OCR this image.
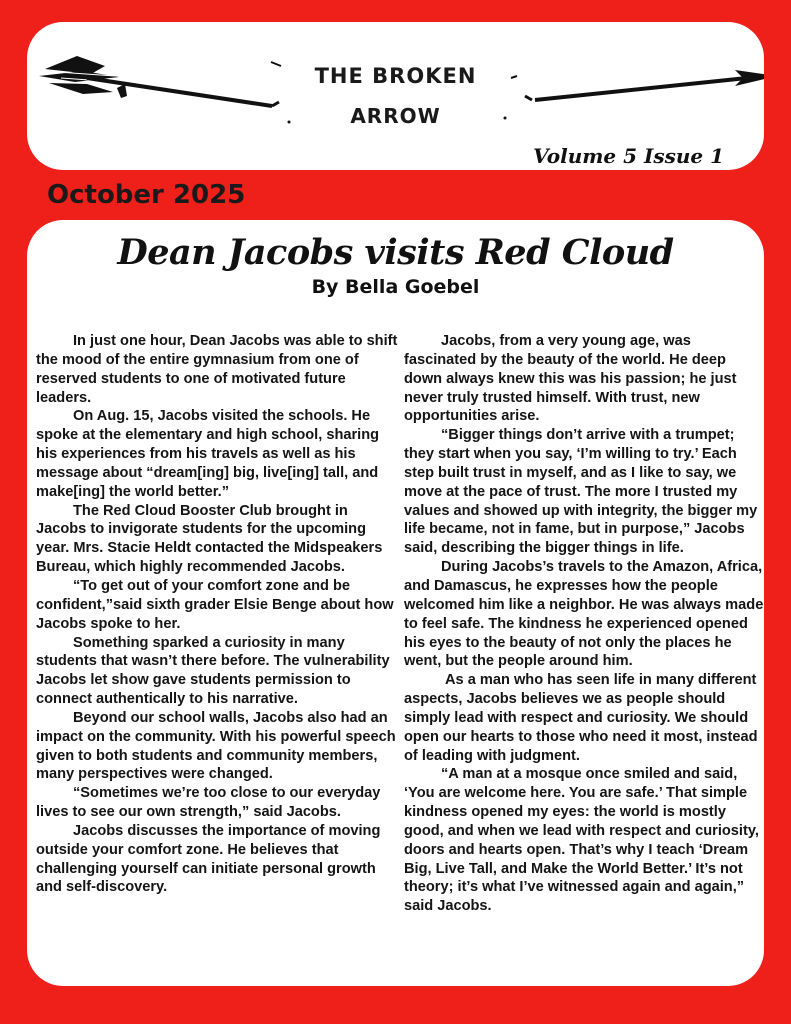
THE BROKEN
ARROW
Volume 5 Issue 1
October 2025
Dean Jacobs visits Red Cloud
By Bella Goebel

In just one hour, Dean Jacobs was able to shift the mood of the entire gymnasium from one of reserved students to one of motivated future leaders.

On Aug. 15, Jacobs visited the schools. He spoke at the elementary and high school, sharing his experiences from his travels as well as his message about “dream[ing] big, live[ing] tall, and make[ing] the world better.”

The Red Cloud Booster Club brought in Jacobs to invigorate students for the upcoming year. Mrs. Stacie Heldt contacted the Midspeakers Bureau, which highly recommended Jacobs.

“To get out of your comfort zone and be confident,”said sixth grader Elsie Benge about how Jacobs spoke to her.

Something sparked a curiosity in many students that wasn’t there before. The vulnerability Jacobs let show gave students permission to connect authentically to his narrative.

Beyond our school walls, Jacobs also had an impact on the community. With his powerful speech given to both students and community members, many perspectives were changed.

“Sometimes we’re too close to our everyday lives to see our own strength,” said Jacobs.

Jacobs discusses the importance of moving outside your comfort zone. He believes that challenging yourself can initiate personal growth and self-discovery.

Jacobs, from a very young age, was fascinated by the beauty of the world. He deep down always knew this was his passion; he just never truly trusted himself. With trust, new opportunities arise.

“Bigger things don’t arrive with a trumpet; they start when you say, ‘I’m willing to try.’ Each step built trust in myself, and as I like to say, we move at the pace of trust. The more I trusted my values and showed up with integrity, the bigger my life became, not in fame, but in purpose,” Jacobs said, describing the bigger things in life.

During Jacobs’s travels to the Amazon, Africa, and Damascus, he expresses how the people welcomed him like a neighbor. He was always made to feel safe. The kindness he experienced opened his eyes to the beauty of not only the places he went, but the people around him.

As a man who has seen life in many different aspects, Jacobs believes we as people should simply lead with respect and curiosity. We should open our hearts to those who need it most, instead of leading with judgment.

“A man at a mosque once smiled and said, ‘You are welcome here. You are safe.’ That simple kindness opened my eyes: the world is mostly good, and when we lead with respect and curiosity, doors and hearts open. That’s why I teach ‘Dream Big, Live Tall, and Make the World Better.’ It’s not theory; it’s what I’ve witnessed again and again,” said Jacobs.
